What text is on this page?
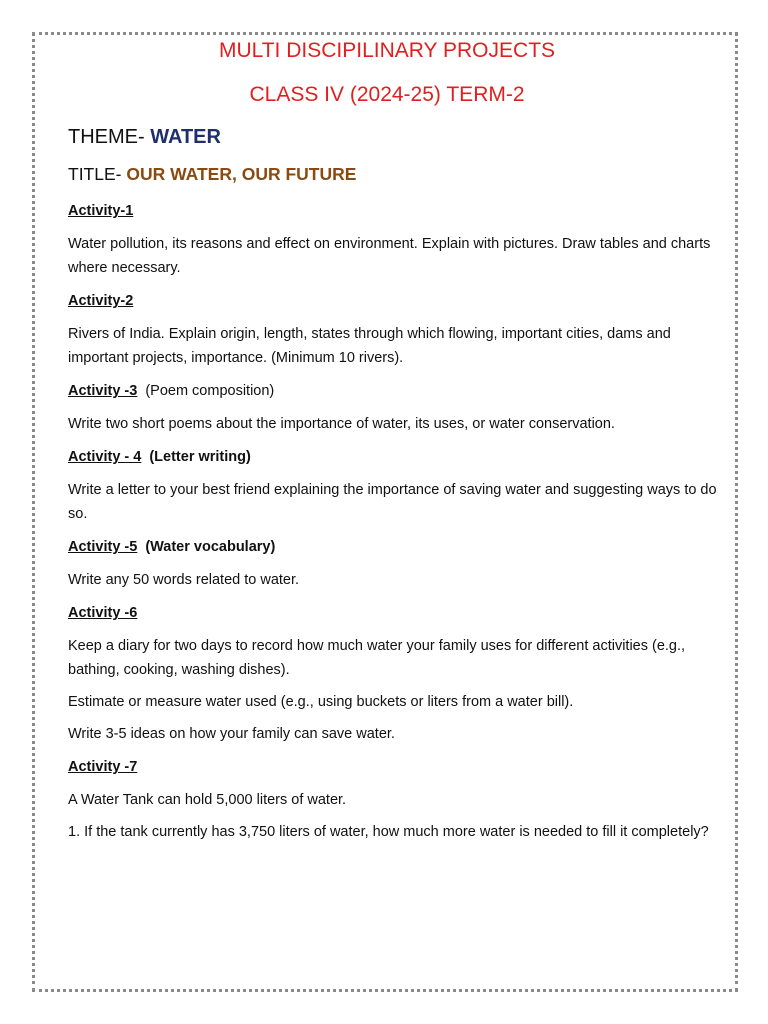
MULTI DISCIPILINARY PROJECTS
CLASS IV (2024-25) TERM-2
THEME- WATER
TITLE- OUR WATER, OUR FUTURE
Activity-1
Water pollution, its reasons and effect on environment. Explain with pictures. Draw tables and charts where necessary.
Activity-2
Rivers of India. Explain origin, length, states through which flowing, important cities, dams and important projects, importance. (Minimum 10 rivers).
Activity -3 (Poem composition)
Write two short poems about the importance of water, its uses, or water conservation.
Activity - 4 (Letter writing)
Write a letter to your best friend explaining the importance of saving water and suggesting ways to do so.
Activity -5 (Water vocabulary)
Write any 50 words related to water.
Activity -6
Keep a diary for two days to record how much water your family uses for different activities (e.g., bathing, cooking, washing dishes).
Estimate or measure water used (e.g., using buckets or liters from a water bill).
Write 3-5 ideas on how your family can save water.
Activity -7
A Water Tank can hold 5,000 liters of water.
1. If the tank currently has 3,750 liters of water, how much more water is needed to fill it completely?
